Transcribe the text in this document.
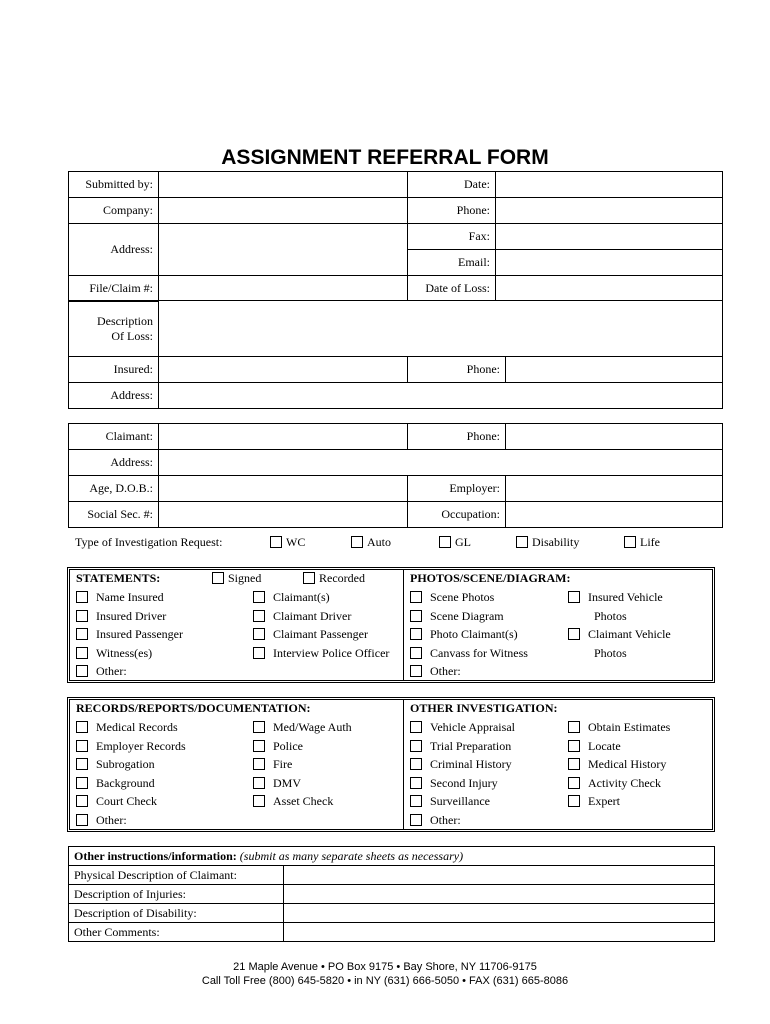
ASSIGNMENT REFERRAL FORM
Submitted by:		Date:	
Company:		Phone:	
Address:		Fax:	
		Email:	
File/Claim #:		Date of Loss:	
Description
Of Loss:			

Insured:		Phone:	
Address:			
Claimant:		Phone:	
Address:			
Age, D.O.B.:		Employer:	
Social Sec. #:		Occupation:	
Type of Investigation Request:	WC	Auto	GL	Disability	Life
STATEMENTS:	Signed	Recorded
Name Insured
Insured Driver
Insured Passenger
Witness(es)
Other:
Claimant(s)
Claimant Driver
Claimant Passenger
Interview Police Officer
PHOTOS/SCENE/DIAGRAM:
Scene Photos
Scene Diagram
Photo Claimant(s)
Canvass for Witness
Other:
Insured Vehicle
Photos
Claimant Vehicle
Photos
RECORDS/REPORTS/DOCUMENTATION:
Medical Records
Employer Records
Subrogation
Background
Court Check
Other:
Med/Wage Auth
Police
Fire
DMV
Asset Check
OTHER INVESTIGATION:
Vehicle Appraisal
Trial Preparation
Criminal History
Second Injury
Surveillance
Other:
Obtain Estimates
Locate
Medical History
Activity Check
Expert
Other instructions/information: (submit as many separate sheets as necessary)	
Physical Description of Claimant:	
Description of Injuries:	
Description of Disability:	
Other Comments:	
21 Maple Avenue • PO Box 9175 • Bay Shore, NY 11706-9175
Call Toll Free (800) 645-5820 • in NY (631) 666-5050 • FAX (631) 665-8086
